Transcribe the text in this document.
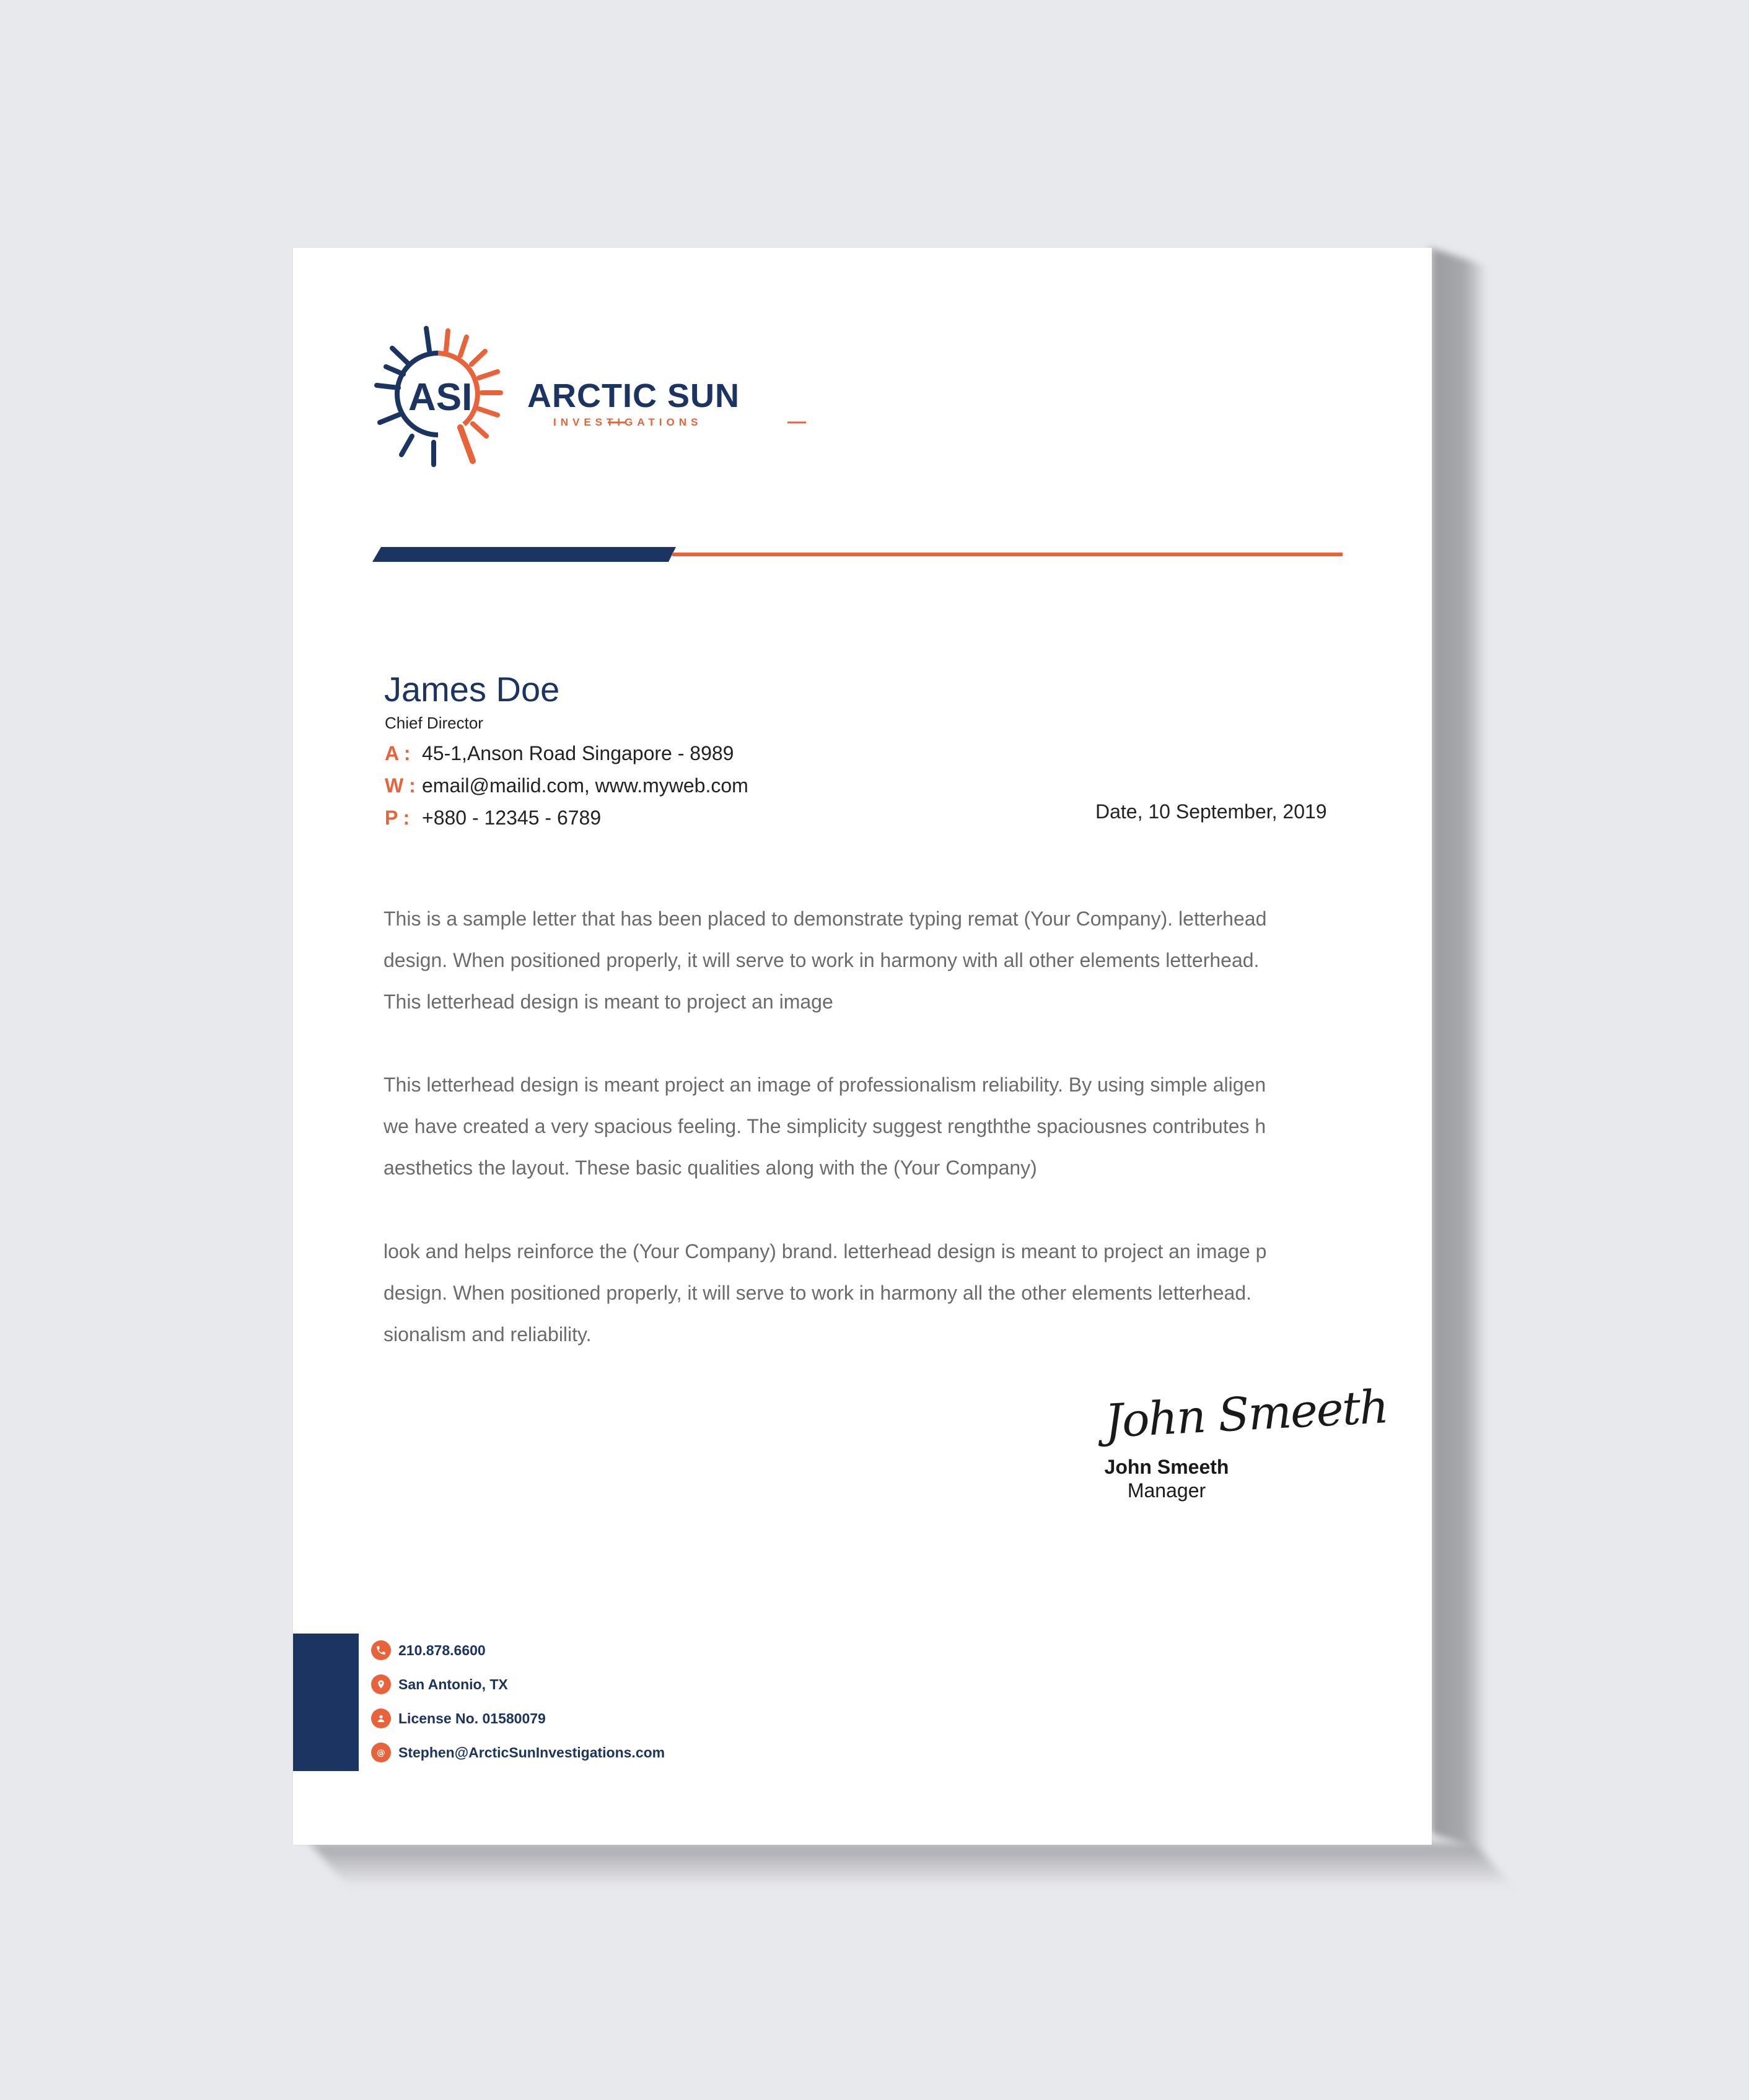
ASI ARCTIC SUN
INVESTIGATIONS
James Doe
Chief Director
A : 45-1,Anson Road Singapore - 8989
W : email@mailid.com, www.myweb.com
P : +880 - 12345 - 6789	Date, 10 September, 2019

This is a sample letter that has been placed to demonstrate typing remat (Your Company). letterhead

design. When positioned properly, it will serve to work in harmony with all other elements letterhead.

This letterhead design is meant to project an image

This letterhead design is meant project an image of professionalism reliability. By using simple aligen

we have created a very spacious feeling. The simplicity suggest rengththe spaciousnes contributes h

aesthetics the layout. These basic qualities along with the (Your Company)

look and helps reinforce the (Your Company) brand. letterhead design is meant to project an image p

design. When positioned properly, it will serve to work in harmony all the other elements letterhead.

sionalism and reliability.

John Smeeth
John Smeeth
Manager
210.878.6600
San Antonio, TX
License No. 01580079
@ Stephen@ArcticSunInvestigations.com
